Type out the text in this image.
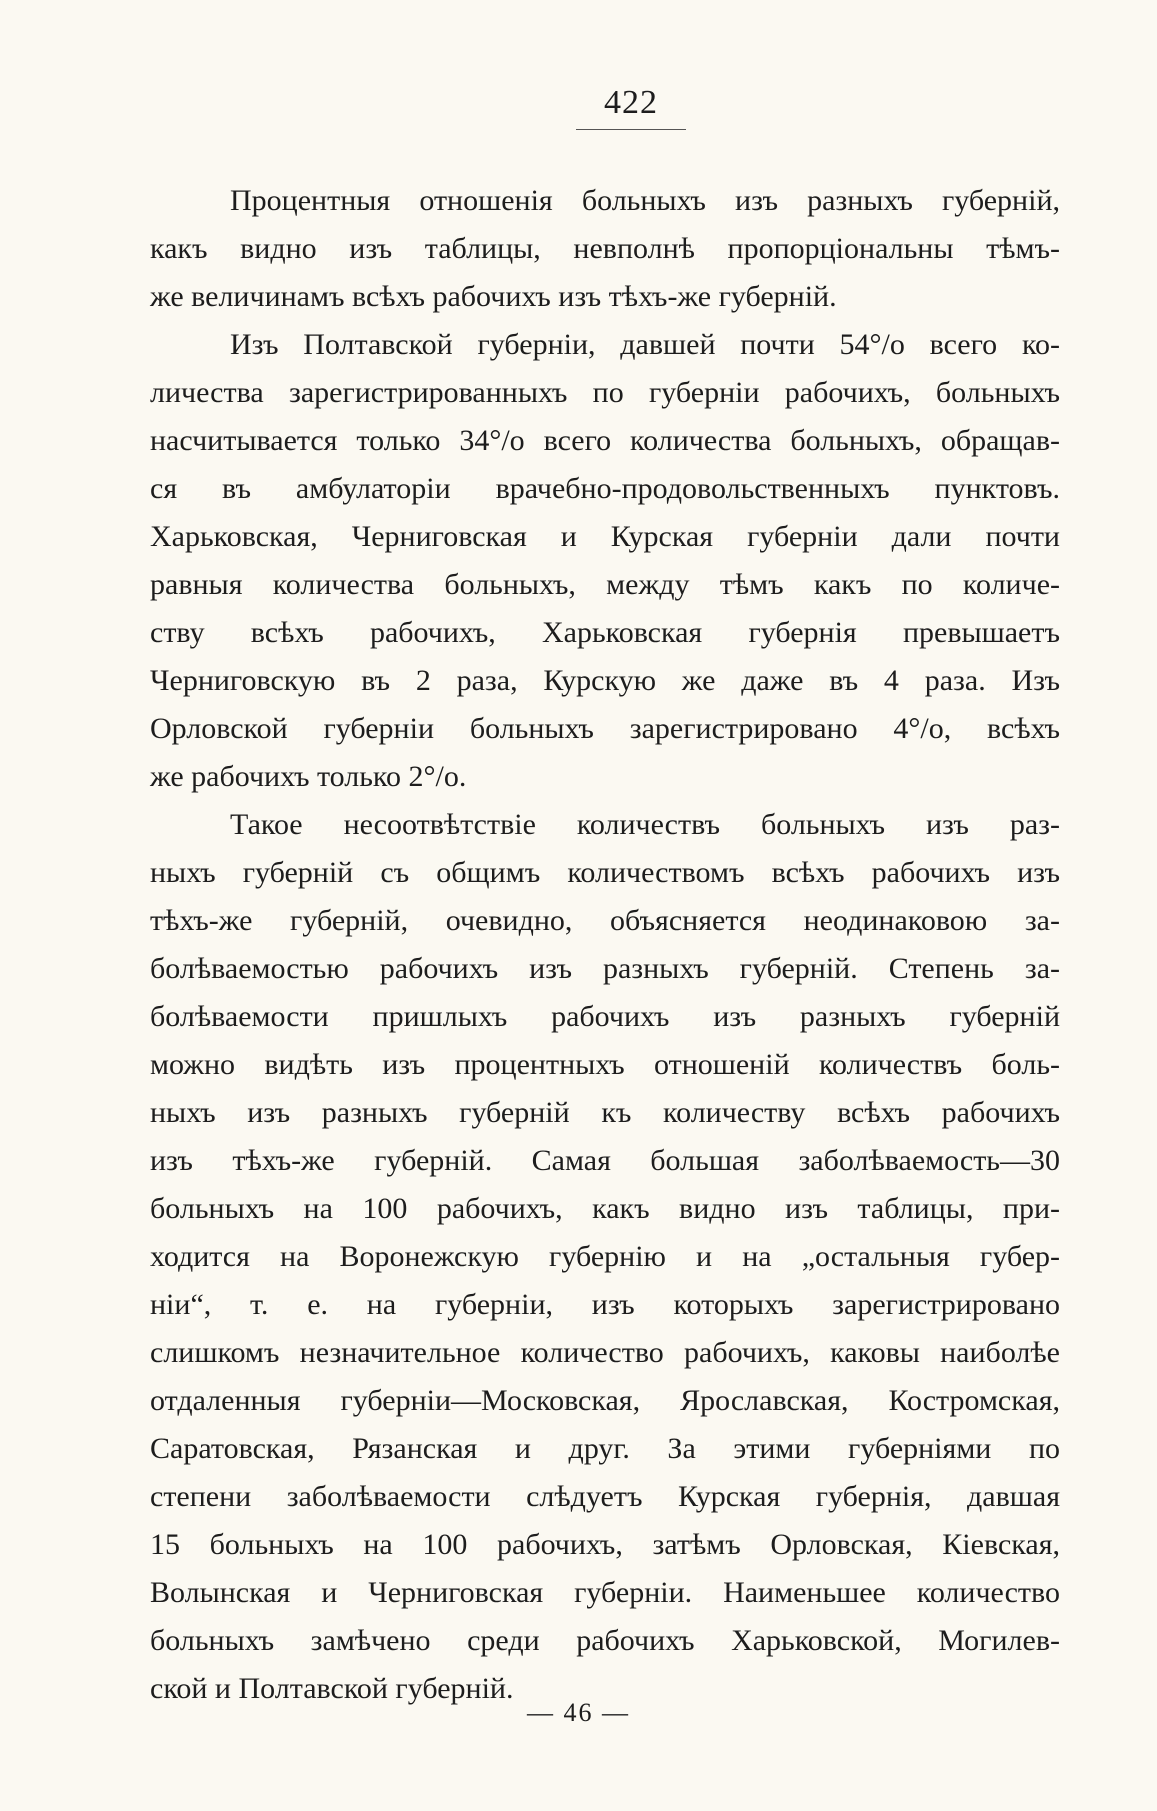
422
Процентныя отношенія больныхъ изъ разныхъ губерній,
какъ видно изъ таблицы, невполнѣ пропорціональны тѣмъ-
же величинамъ всѣхъ рабочихъ изъ тѣхъ-же губерній.
Изъ Полтавской губерніи, давшей почти 54°/о всего ко-
личества зарегистрированныхъ по губерніи рабочихъ, больныхъ
насчитывается только 34°/о всего количества больныхъ, обращав-
ся въ амбулаторіи врачебно-продовольственныхъ пунктовъ.
Харьковская, Черниговская и Курская губерніи дали почти
равныя количества больныхъ, между тѣмъ какъ по количе-
ству всѣхъ рабочихъ, Харьковская губернія превышаетъ
Черниговскую въ 2 раза, Курскую же даже въ 4 раза. Изъ
Орловской губерніи больныхъ зарегистрировано 4°/о, всѣхъ
же рабочихъ только 2°/о.
Такое несоотвѣтствіе количествъ больныхъ изъ раз-
ныхъ губерній съ общимъ количествомъ всѣхъ рабочихъ изъ
тѣхъ-же губерній, очевидно, объясняется неодинаковою за-
болѣваемостью рабочихъ изъ разныхъ губерній. Степень за-
болѣваемости пришлыхъ рабочихъ изъ разныхъ губерній
можно видѣть изъ процентныхъ отношеній количествъ боль-
ныхъ изъ разныхъ губерній къ количеству всѣхъ рабочихъ
изъ тѣхъ-же губерній. Самая большая заболѣваемость—30
больныхъ на 100 рабочихъ, какъ видно изъ таблицы, при-
ходится на Воронежскую губернію и на „остальныя губер-
ніи“, т. е. на губерніи, изъ которыхъ зарегистрировано
слишкомъ незначительное количество рабочихъ, каковы наиболѣе
отдаленныя губерніи—Московская, Ярославская, Костромская,
Саратовская, Рязанская и друг. За этими губерніями по
степени заболѣваемости слѣдуетъ Курская губернія, давшая
15 больныхъ на 100 рабочихъ, затѣмъ Орловская, Кіевская,
Волынская и Черниговская губерніи. Наименьшее количество
больныхъ замѣчено среди рабочихъ Харьковской, Могилев-
ской и Полтавской губерній.
— 46 —
